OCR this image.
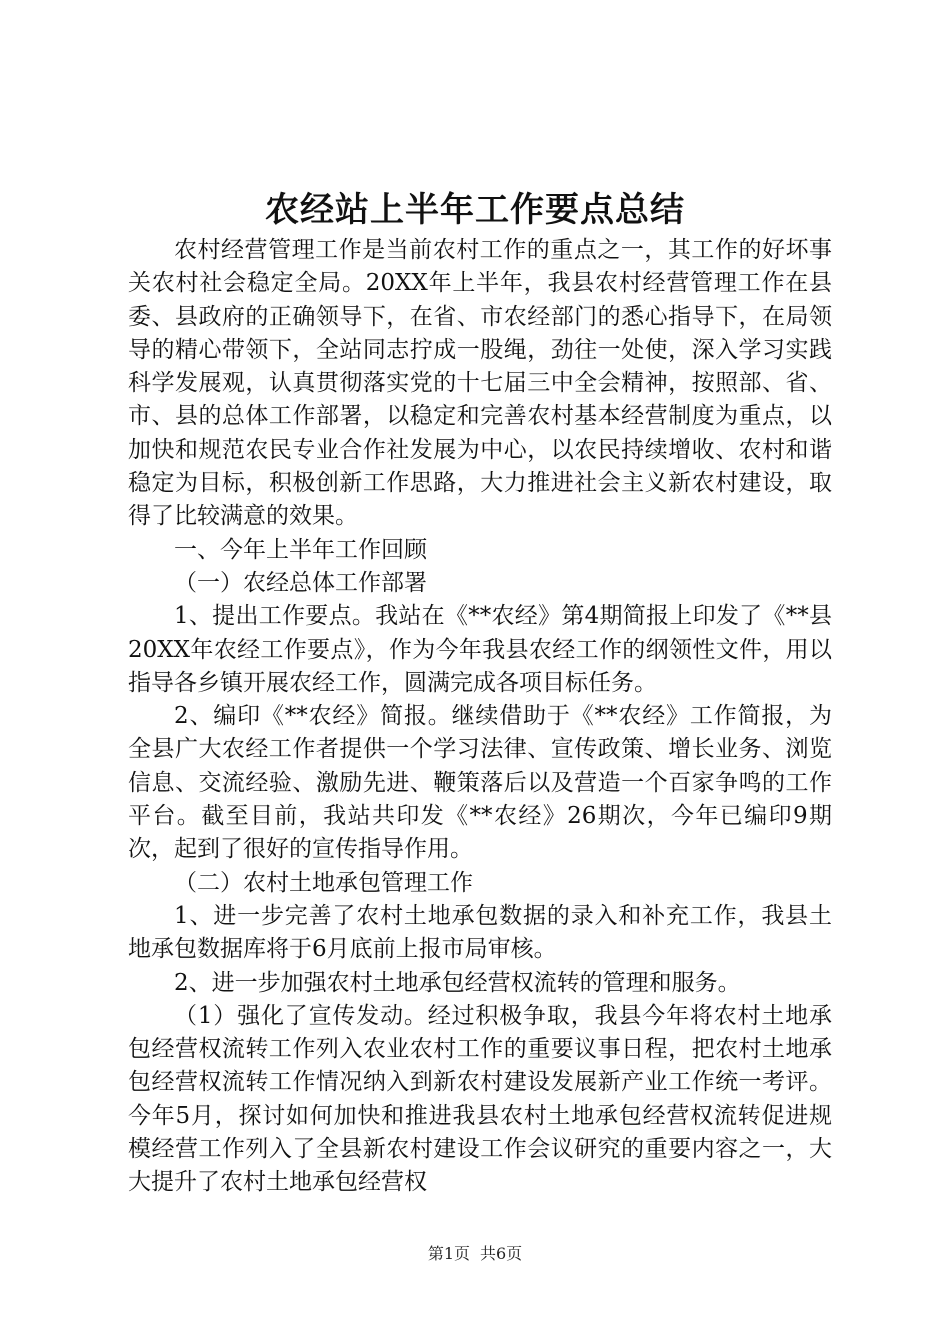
农经站上半年工作要点总结

农村经营管理工作是当前农村工作的重点之一，其工作的好坏事关农村社会稳定全局。20XX年上半年，我县农村经营管理工作在县委、县政府的正确领导下，在省、市农经部门的悉心指导下，在局领导的精心带领下，全站同志拧成一股绳，劲往一处使，深入学习实践科学发展观，认真贯彻落实党的十七届三中全会精神，按照部、省、市、县的总体工作部署，以稳定和完善农村基本经营制度为重点，以加快和规范农民专业合作社发展为中心，以农民持续增收、农村和谐稳定为目标，积极创新工作思路，大力推进社会主义新农村建设，取得了比较满意的效果。

一、今年上半年工作回顾

（一）农经总体工作部署

1、提出工作要点。我站在《**农经》第4期简报上印发了《**县20XX年农经工作要点》，作为今年我县农经工作的纲领性文件，用以指导各乡镇开展农经工作，圆满完成各项目标任务。

2、编印《**农经》简报。继续借助于《**农经》工作简报，为全县广大农经工作者提供一个学习法律、宣传政策、增长业务、浏览信息、交流经验、激励先进、鞭策落后以及营造一个百家争鸣的工作平台。截至目前，我站共印发《**农经》26期次，今年已编印9期次，起到了很好的宣传指导作用。

（二）农村土地承包管理工作

1、进一步完善了农村土地承包数据的录入和补充工作，我县土地承包数据库将于6月底前上报市局审核。

2、进一步加强农村土地承包经营权流转的管理和服务。

（1）强化了宣传发动。经过积极争取，我县今年将农村土地承包经营权流转工作列入农业农村工作的重要议事日程，把农村土地承包经营权流转工作情况纳入到新农村建设发展新产业工作统一考评。今年5月，探讨如何加快和推进我县农村土地承包经营权流转促进规模经营工作列入了全县新农村建设工作会议研究的重要内容之一，大大提升了农村土地承包经营权

第1页 共6页
